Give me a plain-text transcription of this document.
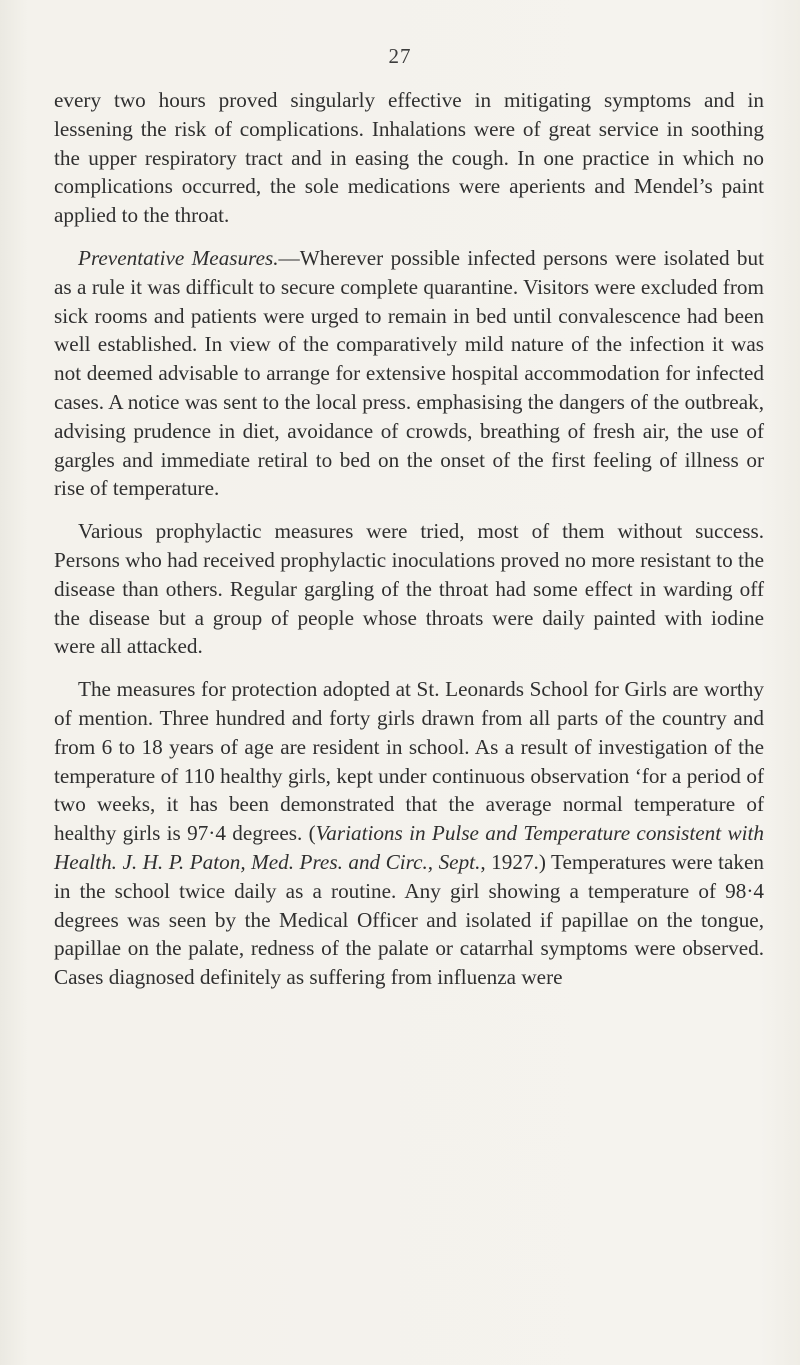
27

every two hours proved singularly effective in mitigating symptoms and in lessening the risk of complications. Inhalations were of great service in soothing the upper respiratory tract and in easing the cough. In one practice in which no complications occurred, the sole medications were aperients and Mendel’s paint applied to the throat.

Preventative Measures.—Wherever possible infected persons were isolated but as a rule it was difficult to secure complete quarantine. Visitors were excluded from sick rooms and patients were urged to remain in bed until convalescence had been well established. In view of the comparatively mild nature of the infection it was not deemed advisable to arrange for extensive hospital accommodation for infected cases. A notice was sent to the local press. emphasising the dangers of the outbreak, advising prudence in diet, avoidance of crowds, breathing of fresh air, the use of gargles and immediate retiral to bed on the onset of the first feeling of illness or rise of temperature.

Various prophylactic measures were tried, most of them without success. Persons who had received prophylactic inoculations proved no more resistant to the disease than others. Regular gargling of the throat had some effect in warding off the disease but a group of people whose throats were daily painted with iodine were all attacked.

The measures for protection adopted at St. Leonards School for Girls are worthy of mention. Three hundred and forty girls drawn from all parts of the country and from 6 to 18 years of age are resident in school. As a result of investigation of the temperature of 110 healthy girls, kept under continuous observation ‘for a period of two weeks, it has been demonstrated that the average normal temperature of healthy girls is 97·4 degrees. (Variations in Pulse and Temperature consistent with Health. J. H. P. Paton, Med. Pres. and Circ., Sept., 1927.) Temperatures were taken in the school twice daily as a routine. Any girl showing a temperature of 98·4 degrees was seen by the Medical Officer and isolated if papillae on the tongue, papillae on the palate, redness of the palate or catarrhal symptoms were observed. Cases diagnosed definitely as suffering from influenza were
